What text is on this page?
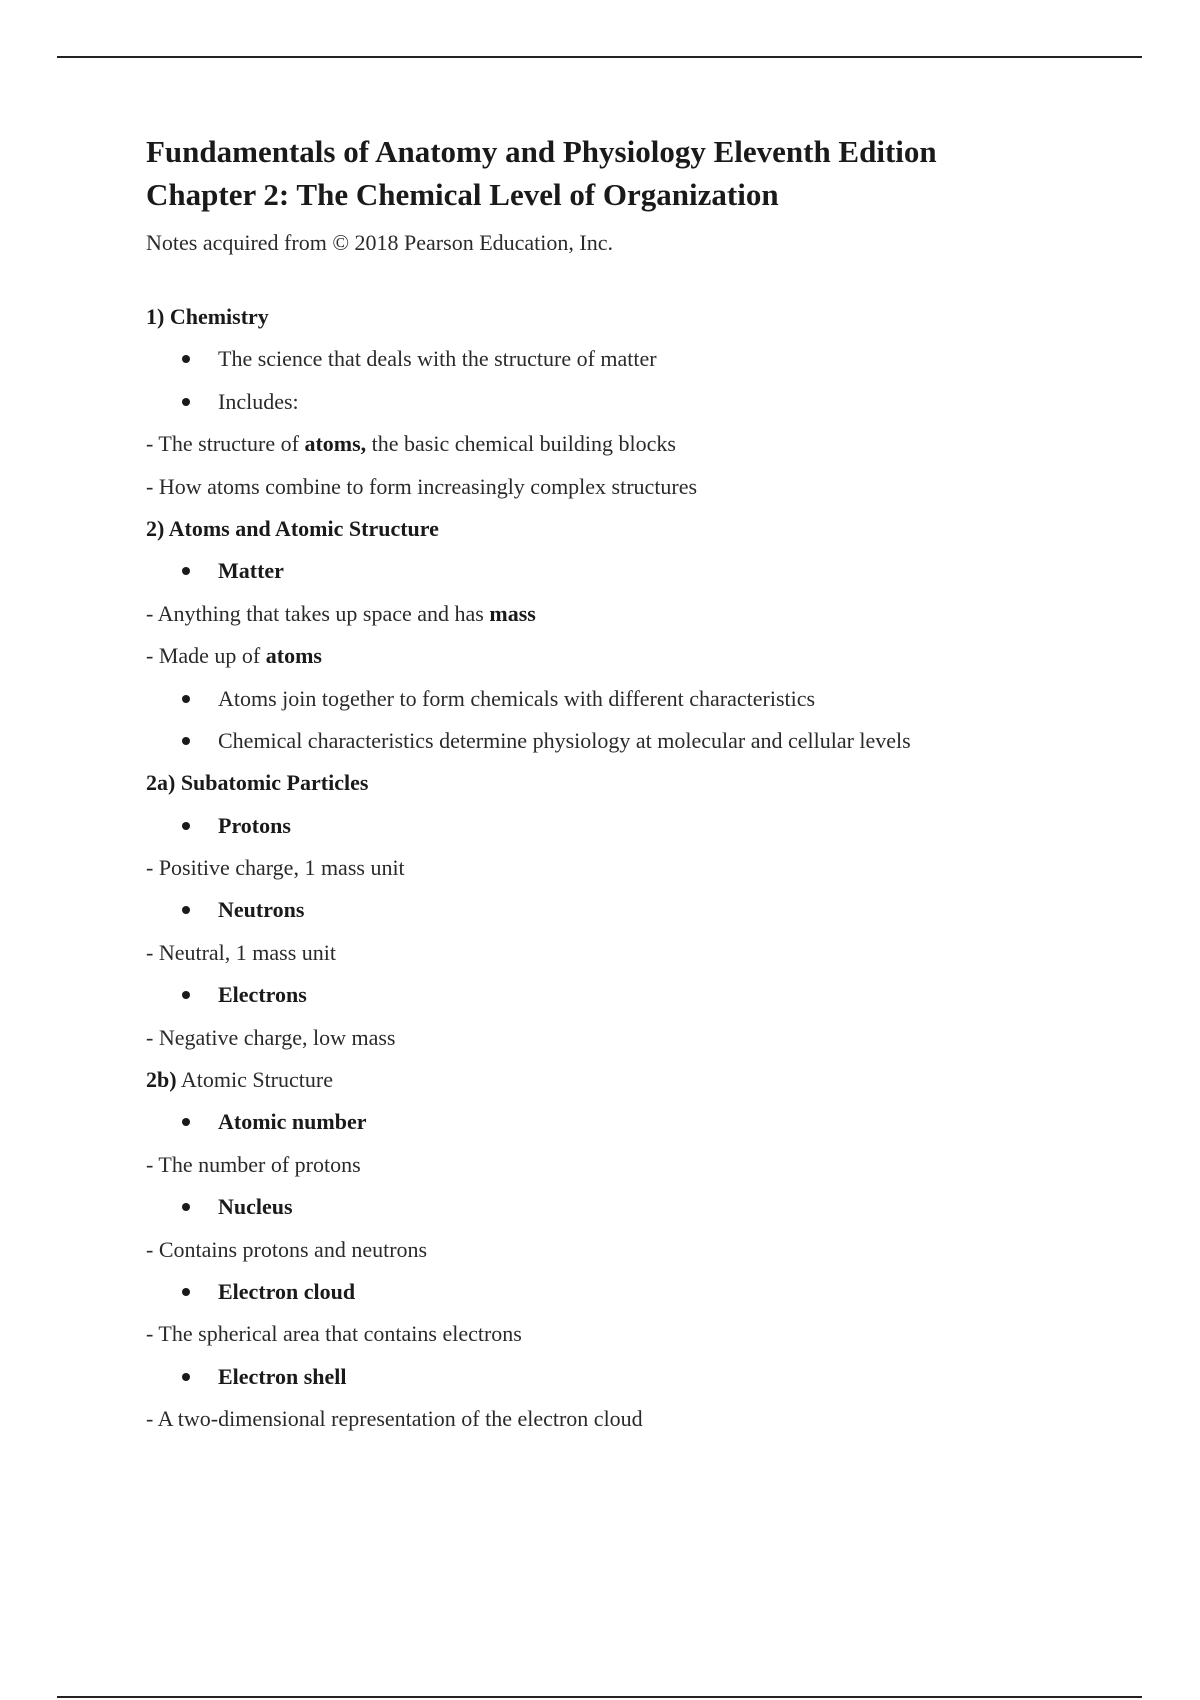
Fundamentals of Anatomy and Physiology Eleventh Edition
Chapter 2: The Chemical Level of Organization
Notes acquired from © 2018 Pearson Education, Inc.
1) Chemistry
The science that deals with the structure of matter
Includes:
- The structure of atoms, the basic chemical building blocks
- How atoms combine to form increasingly complex structures
2) Atoms and Atomic Structure
Matter
- Anything that takes up space and has mass
- Made up of atoms
Atoms join together to form chemicals with different characteristics
Chemical characteristics determine physiology at molecular and cellular levels
2a) Subatomic Particles
Protons
- Positive charge, 1 mass unit
Neutrons
- Neutral, 1 mass unit
Electrons
- Negative charge, low mass
2b) Atomic Structure
Atomic number
- The number of protons
Nucleus
- Contains protons and neutrons
Electron cloud
- The spherical area that contains electrons
Electron shell
- A two-dimensional representation of the electron cloud
